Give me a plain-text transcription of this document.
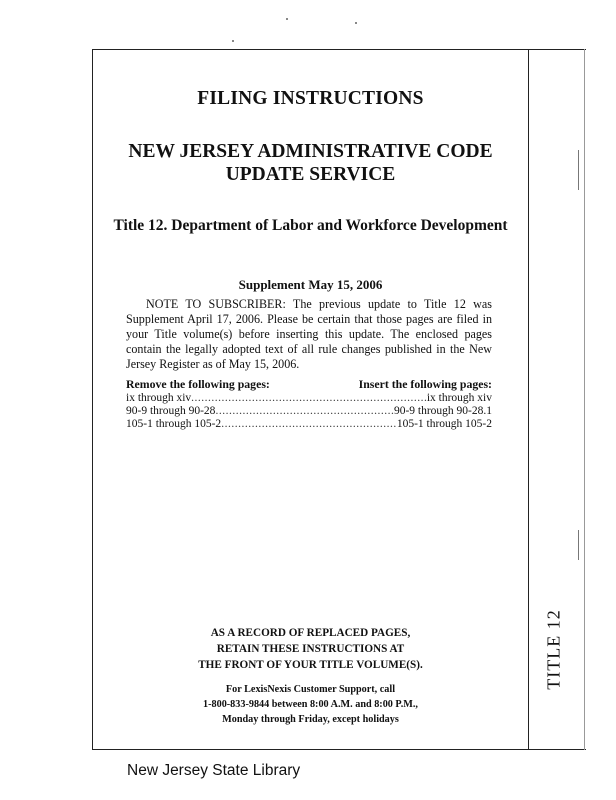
FILING INSTRUCTIONS
NEW JERSEY ADMINISTRATIVE CODE
UPDATE SERVICE
Title 12. Department of Labor and Workforce Development
Supplement May 15, 2006
NOTE TO SUBSCRIBER: The previous update to Title 12 was Supplement April 17, 2006. Please be certain that those pages are filed in your Title volume(s) before inserting this update. The enclosed pages contain the legally adopted text of all rule changes published in the New Jersey Register as of May 15, 2006.
Remove the following pages:	Insert the following pages:
ix through xiv .....	ix through xiv
90-9 through 90-28 .....	90-9 through 90-28.1
105-1 through 105-2 .....	105-1 through 105-2
AS A RECORD OF REPLACED PAGES,
RETAIN THESE INSTRUCTIONS AT
THE FRONT OF YOUR TITLE VOLUME(S).
For LexisNexis Customer Support, call
1-800-833-9844 between 8:00 A.M. and 8:00 P.M.,
Monday through Friday, except holidays
TITLE 12
New Jersey State Library
